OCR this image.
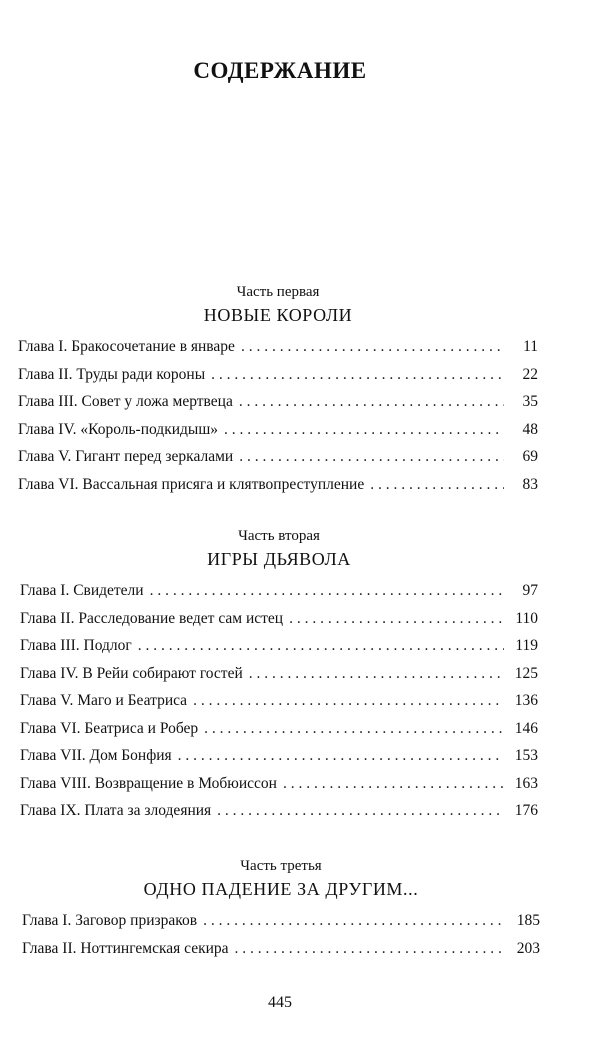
СОДЕРЖАНИЕ
Часть первая
НОВЫЕ КОРОЛИ
Глава I. Бракосочетание в январе . . .	11
Глава II. Труды ради короны . . .	22
Глава III. Совет у ложа мертвеца . . .	35
Глава IV. «Король-подкидыш» . . .	48
Глава V. Гигант перед зеркалами . . .	69
Глава VI. Вассальная присяга и клятвопреступление . . .	83
Часть вторая
ИГРЫ ДЬЯВОЛА
Глава I. Свидетели . . .	97
Глава II. Расследование ведет сам истец . . .	110
Глава III. Подлог . . .	119
Глава IV. В Рейи собирают гостей . . .	125
Глава V. Маго и Беатриса . . .	136
Глава VI. Беатриса и Робер . . .	146
Глава VII. Дом Бонфия . . .	153
Глава VIII. Возвращение в Мобюиссон . . .	163
Глава IX. Плата за злодеяния . . .	176
Часть третья
ОДНО ПАДЕНИЕ ЗА ДРУГИМ...
Глава I. Заговор призраков . . .	185
Глава II. Ноттингемская секира . . .	203
445
